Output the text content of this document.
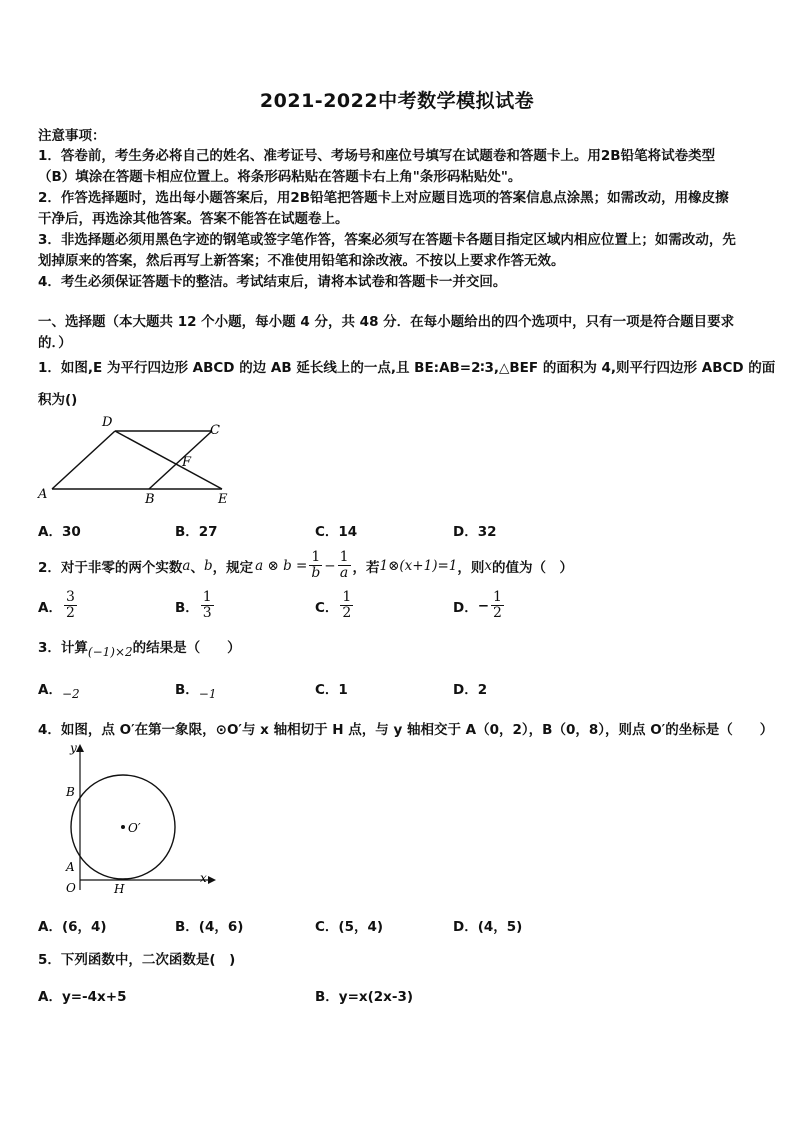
2021-2022中考数学模拟试卷
注意事项：
1．答卷前，考生务必将自己的姓名、准考证号、考场号和座位号填写在试题卷和答题卡上。用2B铅笔将试卷类型
（B）填涂在答题卡相应位置上。将条形码粘贴在答题卡右上角"条形码粘贴处"。
2．作答选择题时，选出每小题答案后，用2B铅笔把答题卡上对应题目选项的答案信息点涂黑；如需改动，用橡皮擦
干净后，再选涂其他答案。答案不能答在试题卷上。
3．非选择题必须用黑色字迹的钢笔或签字笔作答，答案必须写在答题卡各题目指定区域内相应位置上；如需改动，先
划掉原来的答案，然后再写上新答案；不准使用铅笔和涂改液。不按以上要求作答无效。
4．考生必须保证答题卡的整洁。考试结束后，请将本试卷和答题卡一并交回。
一、选择题（本大题共 12 个小题，每小题 4 分，共 48 分．在每小题给出的四个选项中，只有一项是符合题目要求
的．）
1．如图,E 为平行四边形 ABCD 的边 AB 延长线上的一点,且 BE:AB=2∶3,△BEF 的面积为 4,则平行四边形 ABCD 的面
积为()
A
D
C
F
B	E
A．30	B．27	C．14	D．32
2．对于非零的两个实数 a 、 b ，规定 a ⊗ $b = \frac{1}{b} - \frac{1}{a}$ ，若 1⊗(x+1)=1 ，则 x 的值为（　）
A． $\frac{3}{2}$	B． $\frac{1}{3}$	C． $\frac{1}{2}$	D． − $\frac{1}{2}$
3．计算 (−1)×2 的结果是（　　）
A．−2	B．−1	C．1	D．2
4．如图，点 O′在第一象限，⊙O′与 x 轴相切于 H 点，与 y 轴相交于 A（0，2），B（0，8），则点 O′的坐标是（　　）
y
x
B
A
O	H
O′
A．(6，4)	B．(4，6)	C．(5，4)	D．(4，5)
5．下列函数中，二次函数是(　)
A．y=-4x+5	B．y=x(2x-3)
